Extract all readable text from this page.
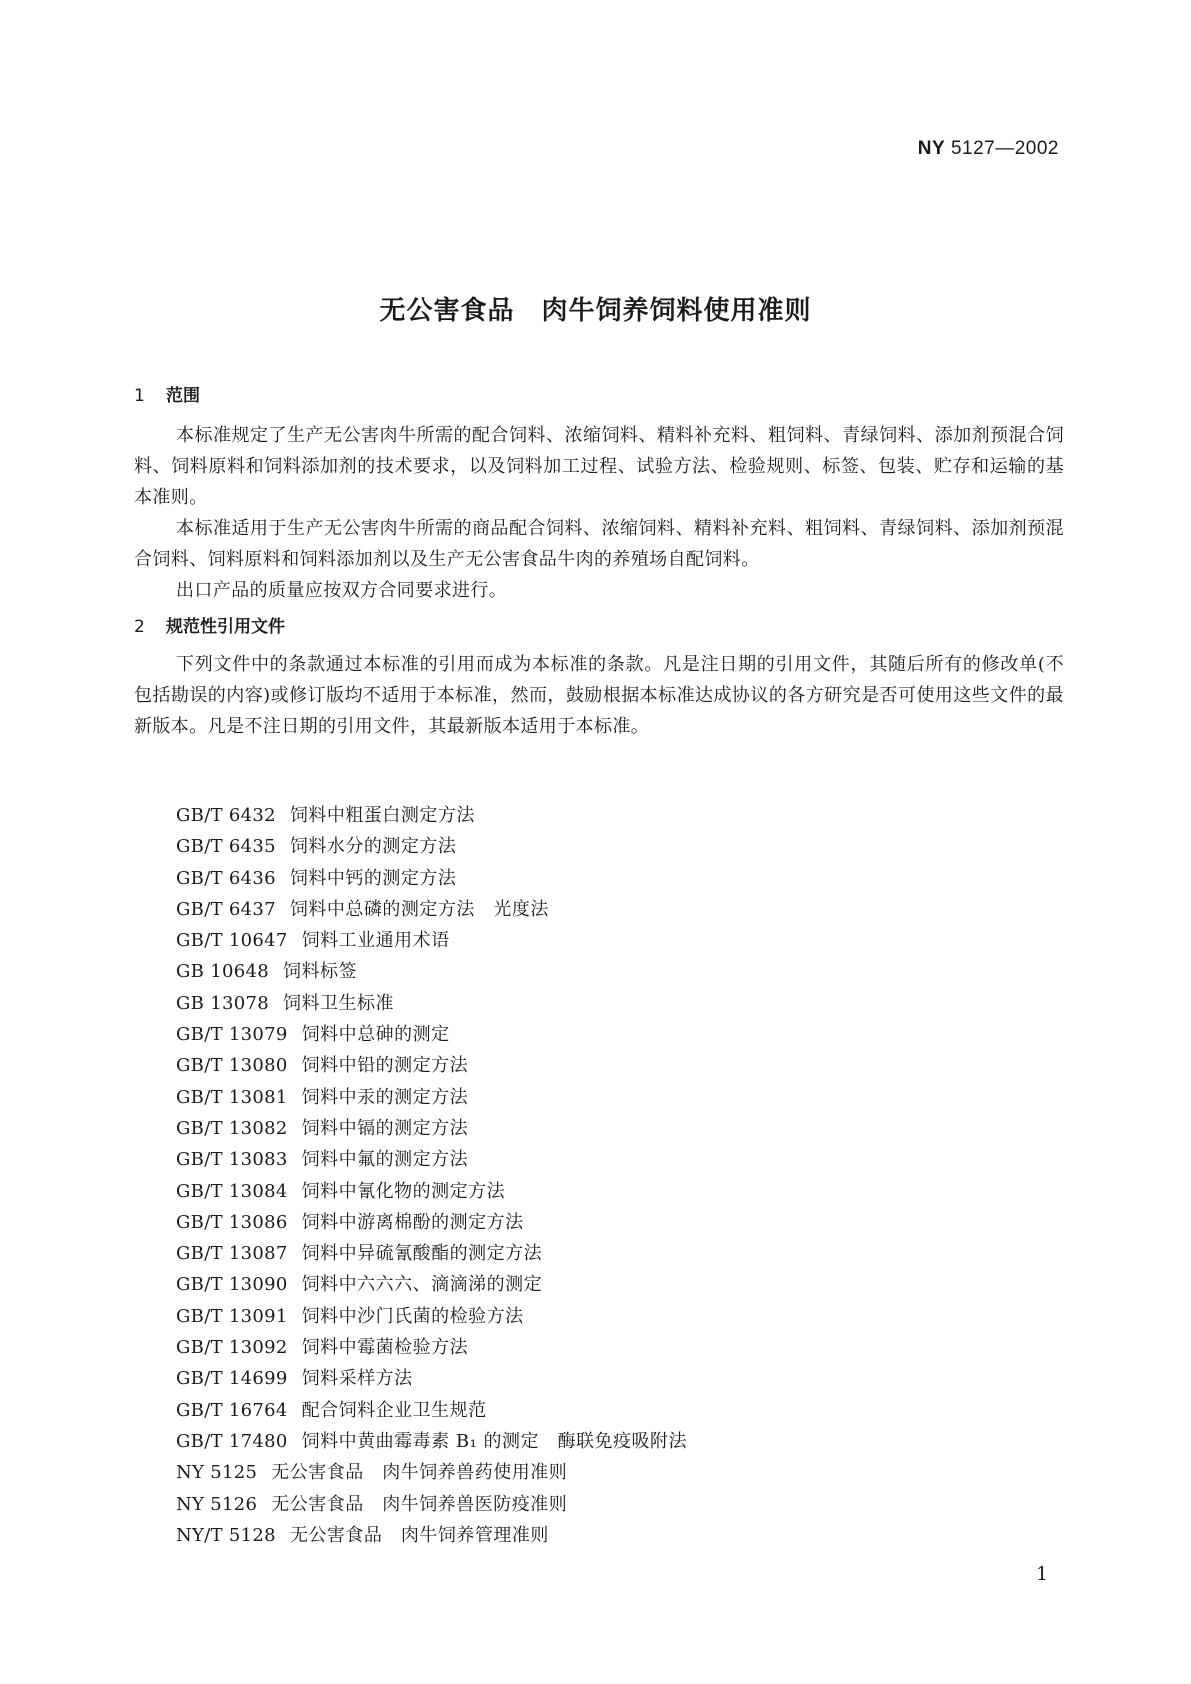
NY 5127—2002
无公害食品　肉牛饲养饲料使用准则
1 范围
本标准规定了生产无公害肉牛所需的配合饲料、浓缩饲料、精料补充料、粗饲料、青绿饲料、添加剂预混合饲料、饲料原料和饲料添加剂的技术要求，以及饲料加工过程、试验方法、检验规则、标签、包装、贮存和运输的基本准则。
本标准适用于生产无公害肉牛所需的商品配合饲料、浓缩饲料、精料补充料、粗饲料、青绿饲料、添加剂预混合饲料、饲料原料和饲料添加剂以及生产无公害食品牛肉的养殖场自配饲料。
出口产品的质量应按双方合同要求进行。
2 规范性引用文件
下列文件中的条款通过本标准的引用而成为本标准的条款。凡是注日期的引用文件，其随后所有的修改单(不包括勘误的内容)或修订版均不适用于本标准，然而，鼓励根据本标准达成协议的各方研究是否可使用这些文件的最新版本。凡是不注日期的引用文件，其最新版本适用于本标准。
GB/T 6432 饲料中粗蛋白测定方法
GB/T 6435 饲料水分的测定方法
GB/T 6436 饲料中钙的测定方法
GB/T 6437 饲料中总磷的测定方法　光度法
GB/T 10647 饲料工业通用术语
GB 10648 饲料标签
GB 13078 饲料卫生标准
GB/T 13079 饲料中总砷的测定
GB/T 13080 饲料中铅的测定方法
GB/T 13081 饲料中汞的测定方法
GB/T 13082 饲料中镉的测定方法
GB/T 13083 饲料中氟的测定方法
GB/T 13084 饲料中氰化物的测定方法
GB/T 13086 饲料中游离棉酚的测定方法
GB/T 13087 饲料中异硫氰酸酯的测定方法
GB/T 13090 饲料中六六六、滴滴涕的测定
GB/T 13091 饲料中沙门氏菌的检验方法
GB/T 13092 饲料中霉菌检验方法
GB/T 14699 饲料采样方法
GB/T 16764 配合饲料企业卫生规范
GB/T 17480 饲料中黄曲霉毒素 B₁ 的测定　酶联免疫吸附法
NY 5125 无公害食品　肉牛饲养兽药使用准则
NY 5126 无公害食品　肉牛饲养兽医防疫准则
NY/T 5128 无公害食品　肉牛饲养管理准则
1
